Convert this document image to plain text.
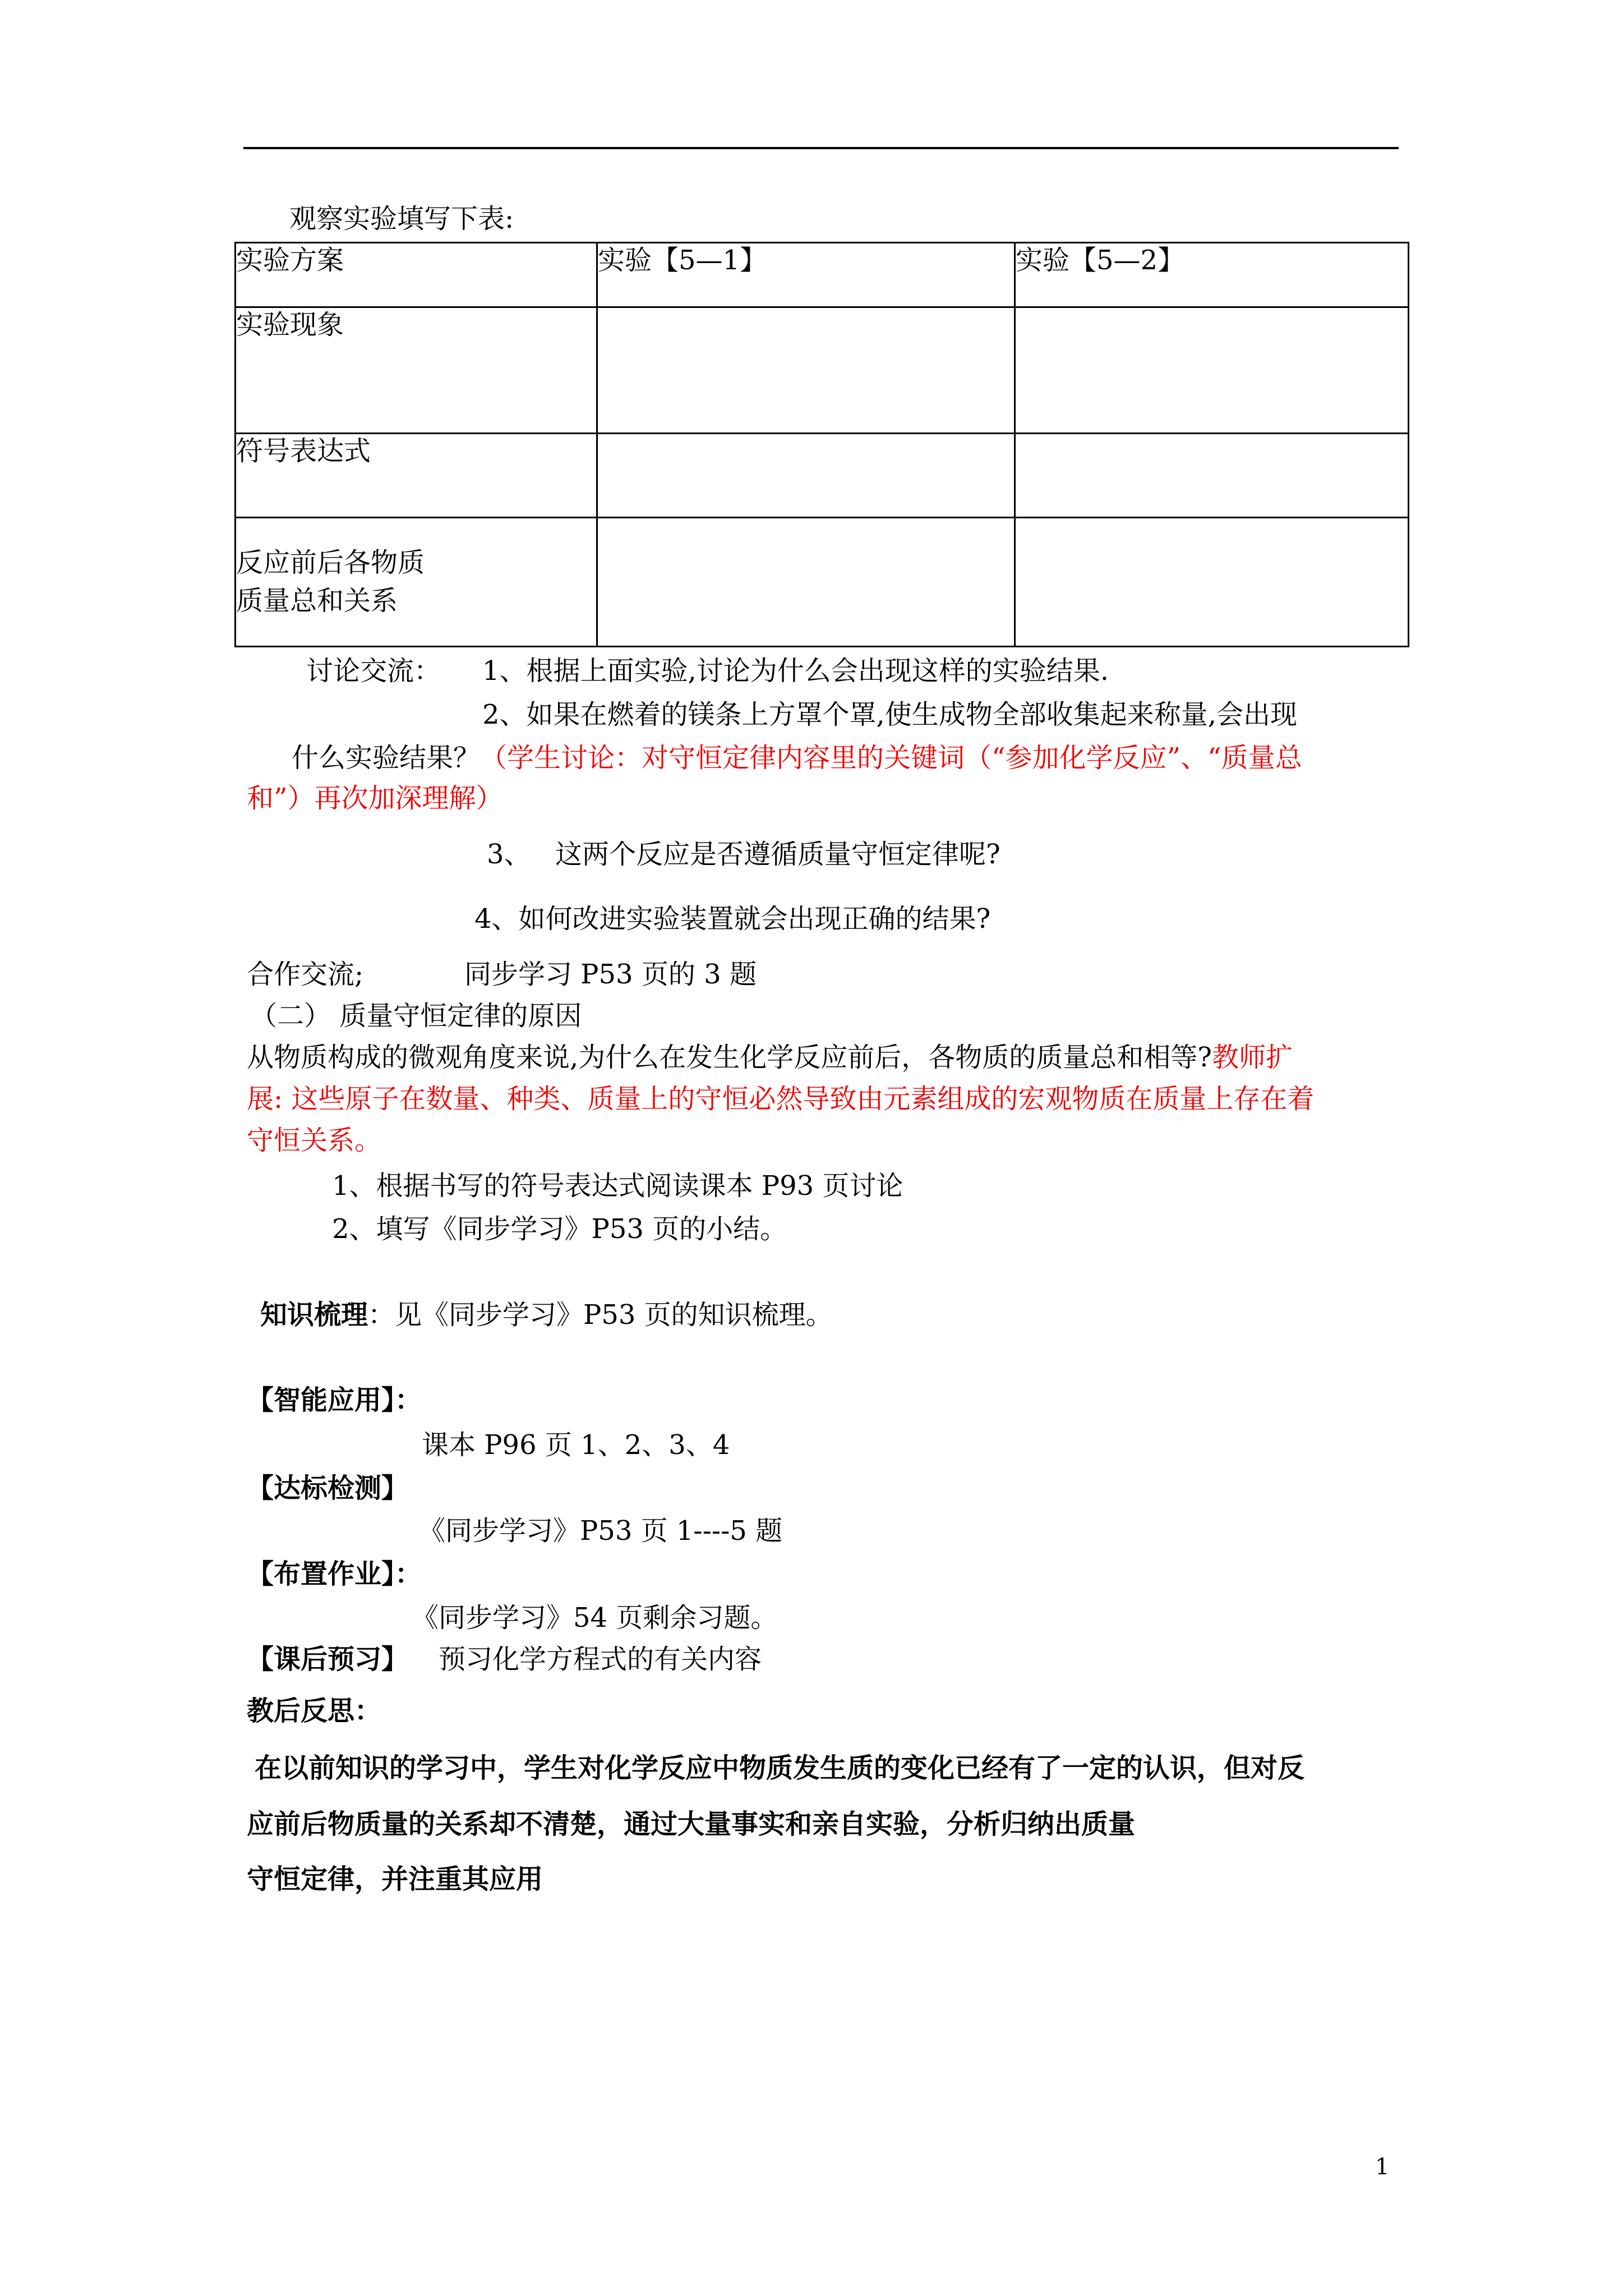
观察实验填写下表:
实验方案	实验【5—1】	实验【5—2】
实验现象		
符号表达式		

反应前后各物质
质量总和关系		

讨论交流： 1、根据上面实验,讨论为什么会出现这样的实验结果.
2、如果在燃着的镁条上方罩个罩,使生成物全部收集起来称量,会出现
什么实验结果？（学生讨论：对守恒定律内容里的关键词（“参加化学反应”、“质量总
和”）再次加深理解）
3、 这两个反应是否遵循质量守恒定律呢?
4、如何改进实验装置就会出现正确的结果?
合作交流;	同步学习 P53 页的 3 题
（二） 质量守恒定律的原因
从物质构成的微观角度来说,为什么在发生化学反应前后，各物质的质量总和相等?教师扩
展: 这些原子在数量、种类、质量上的守恒必然导致由元素组成的宏观物质在质量上存在着
守恒关系。
1、根据书写的符号表达式阅读课本 P93 页讨论
2、填写《同步学习》P53 页的小结。
知识梳理：见《同步学习》P53 页的知识梳理。
【智能应用】：
课本 P96 页 1、2、3、4
【达标检测】
《同步学习》P53 页 1----5 题
【布置作业】：
《同步学习》54 页剩余习题。
【课后预习】 预习化学方程式的有关内容
教后反思：
在以前知识的学习中，学生对化学反应中物质发生质的变化已经有了一定的认识，但对反
应前后物质量的关系却不清楚，通过大量事实和亲自实验，分析归纳出质量
守恒定律，并注重其应用
1
